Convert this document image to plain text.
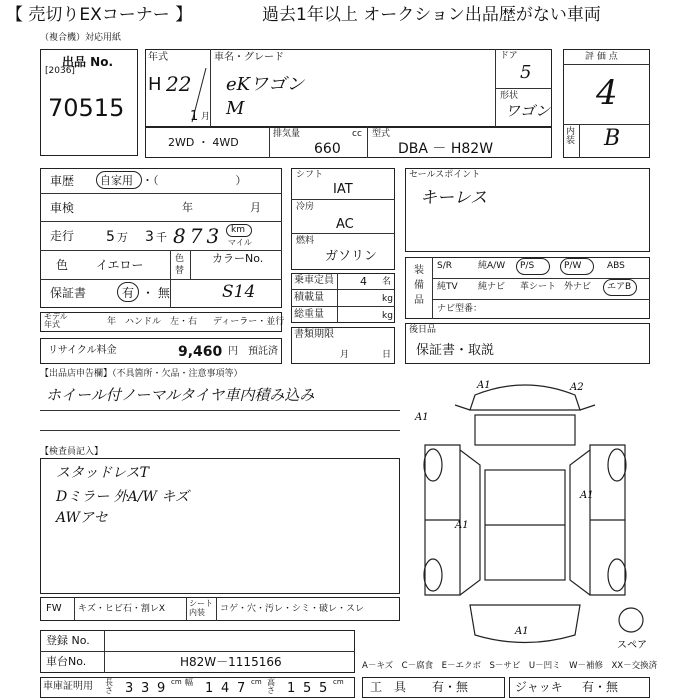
【 売切りEXコーナー 】	過去1年以上 オークション出品歴がない車両
（複合機）対応用紙
出品 No.
[2036]
70515
年式
H 22
1 月
車名・グレード
eKワゴン
M
ドア
5
形状
ワゴン
評 価 点
4
内装 B
2WD ・ 4WD
排気量	cc
660
型式
DBA － H82W
車歴 自家用 ・（　　　　　　　）
車検	年	月
走行 5 万 3 千 873 km
マイル
色 イエロー	色替
カラーNo.
保証書	有 ・ 無	S14
モデル年式	年 ハンドル　左・右 ディーラー・並行
リサイクル料金	9,460 円　預託済
シフト
IAT
冷房
AC
燃料
ガソリン
乗車定員 4 名
積載量	kg
総重量	kg
書類期限
月	日
セールスポイント
キーレス
装備品
S/R	純A/W P/S	P/W	ABS
純TV 純ナビ 革シート 外ナビ エアB
ナビ型番：
後日品
保証書・取説
【出品店申告欄】（不具箇所・欠品・注意事項等）
ホイール付ノーマルタイヤ車内積み込み
【検査員記入】
スタッドレスT
Dミラー 外A/W キズ
AWアセ
A1	A2
A1
A1
A1
A1
スペア
FW キズ・ヒビ石・割レX
シート内装	コゲ・穴・汚レ・シミ・破レ・スレ
登録 No.
車台No.	H82W－1115166	A－キズ　C－腐食　E－エクボ　S－サビ　U－凹ミ　W－補修　XX－交換済
長さ 3 3 9 cm 幅 1 4 7 cm 高さ 1 5 5 cm
車庫証明用	工　具 有・無	ジャッキ 有・無
